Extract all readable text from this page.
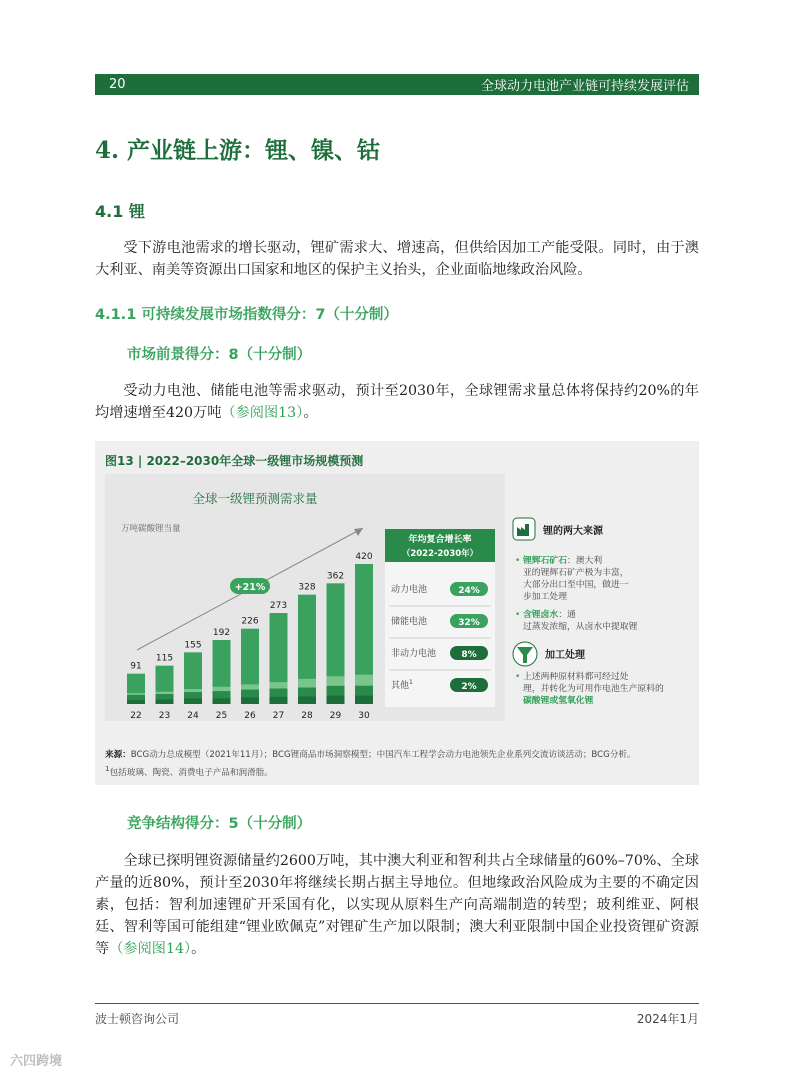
20	全球动力电池产业链可持续发展评估
4. 产业链上游：锂、镍、钴
4.1 锂

受下游电池需求的增长驱动，锂矿需求大、增速高，但供给因加工产能受限。同时，由于澳大利亚、南美等资源出口国家和地区的保护主义抬头，企业面临地缘政治风险。

4.1.1 可持续发展市场指数得分：7（十分制）
市场前景得分：8（十分制）

受动力电池、储能电池等需求驱动，预计至2030年，全球锂需求量总体将保持约20%的年均增速增至420万吨（参阅图13）。

图13 | 2022–2030年全球一级锂市场规模预测
全球一级锂预测需求量
万吨碳酸锂当量
+21%
91
22
115
23
155
24
192
25
226
26
273
27
328
28
362
29
420
30
年均复合增长率
（2022-2030年）
动力电池	24%
储能电池	32%
非动力电池	8%
其他$^1$	2%
锂的两大来源
• 锂辉石矿石：澳大利
亚的锂辉石矿产极为丰富，
大部分出口至中国，做进一
步加工处理
• 含锂卤水：通
过蒸发浓缩，从卤水中提取锂
加工处理
• 上述两种原材料都可经过处
理，并转化为可用作电池生产原料的
碳酸锂或氢氧化锂
来源：BCG动力总成模型（2021年11月）；BCG锂商品市场洞察模型；中国汽车工程学会动力电池领先企业系列交流访谈活动；BCG分析。
$^1$包括玻璃、陶瓷、消费电子产品和润滑脂。
竞争结构得分：5（十分制）

全球已探明锂资源储量约2600万吨，其中澳大利亚和智利共占全球储量的60%–70%、全球产量的近80%，预计至2030年将继续长期占据主导地位。但地缘政治风险成为主要的不确定因素，包括：智利加速锂矿开采国有化，以实现从原料生产向高端制造的转型；玻利维亚、阿根廷、智利等国可能组建“锂业欧佩克”对锂矿生产加以限制；澳大利亚限制中国企业投资锂矿资源等（参阅图14）。

波士顿咨询公司	2024年1月
六四跨境
